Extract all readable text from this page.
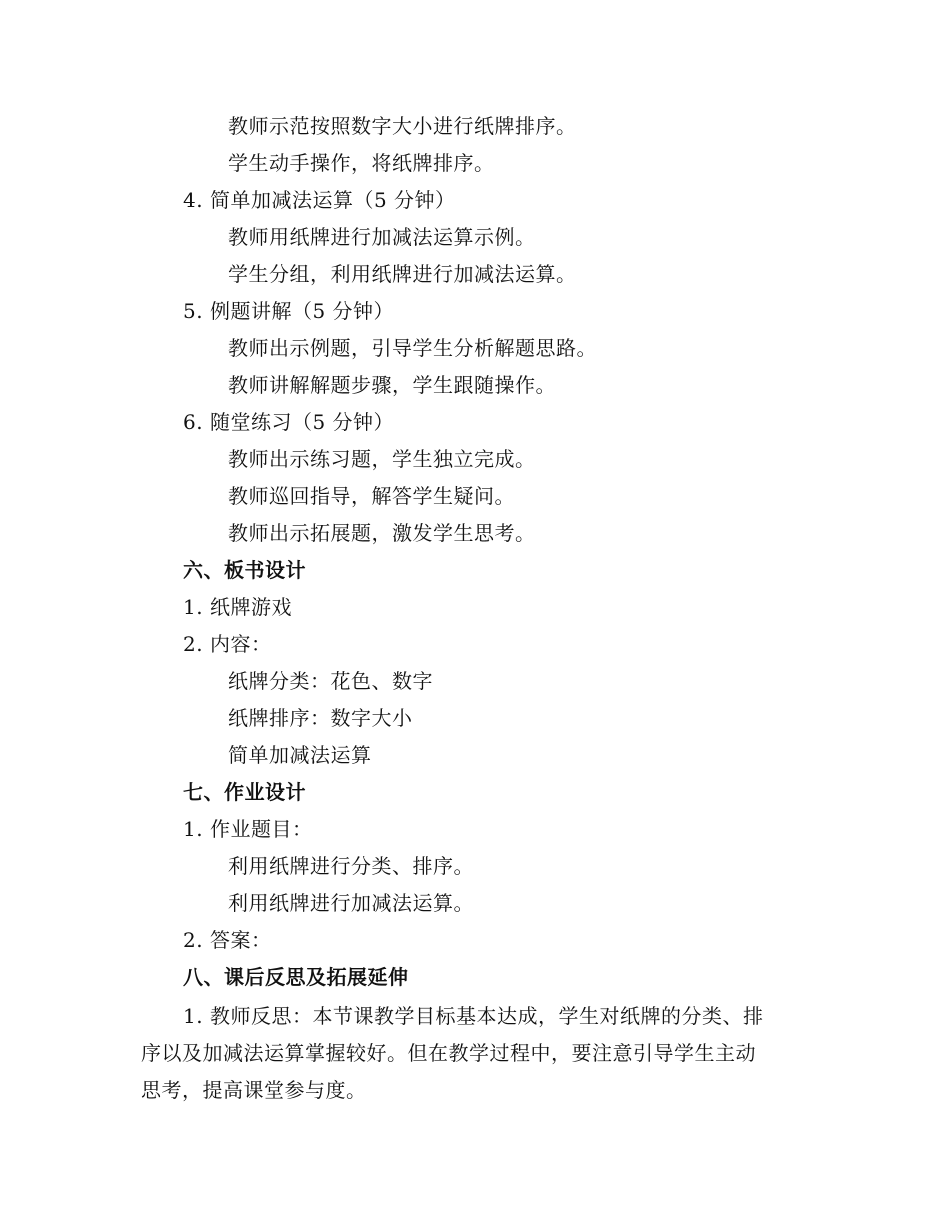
教师示范按照数字大小进行纸牌排序。
学生动手操作，将纸牌排序。
4. 简单加减法运算（5 分钟）
教师用纸牌进行加减法运算示例。
学生分组，利用纸牌进行加减法运算。
5. 例题讲解（5 分钟）
教师出示例题，引导学生分析解题思路。
教师讲解解题步骤，学生跟随操作。
6. 随堂练习（5 分钟）
教师出示练习题，学生独立完成。
教师巡回指导，解答学生疑问。
教师出示拓展题，激发学生思考。
六、板书设计
1. 纸牌游戏
2. 内容：
纸牌分类：花色、数字
纸牌排序：数字大小
简单加减法运算
七、作业设计
1. 作业题目：
利用纸牌进行分类、排序。
利用纸牌进行加减法运算。
2. 答案：
八、课后反思及拓展延伸
1. 教师反思：本节课教学目标基本达成，学生对纸牌的分类、排
序以及加减法运算掌握较好。但在教学过程中，要注意引导学生主动
思考，提高课堂参与度。
